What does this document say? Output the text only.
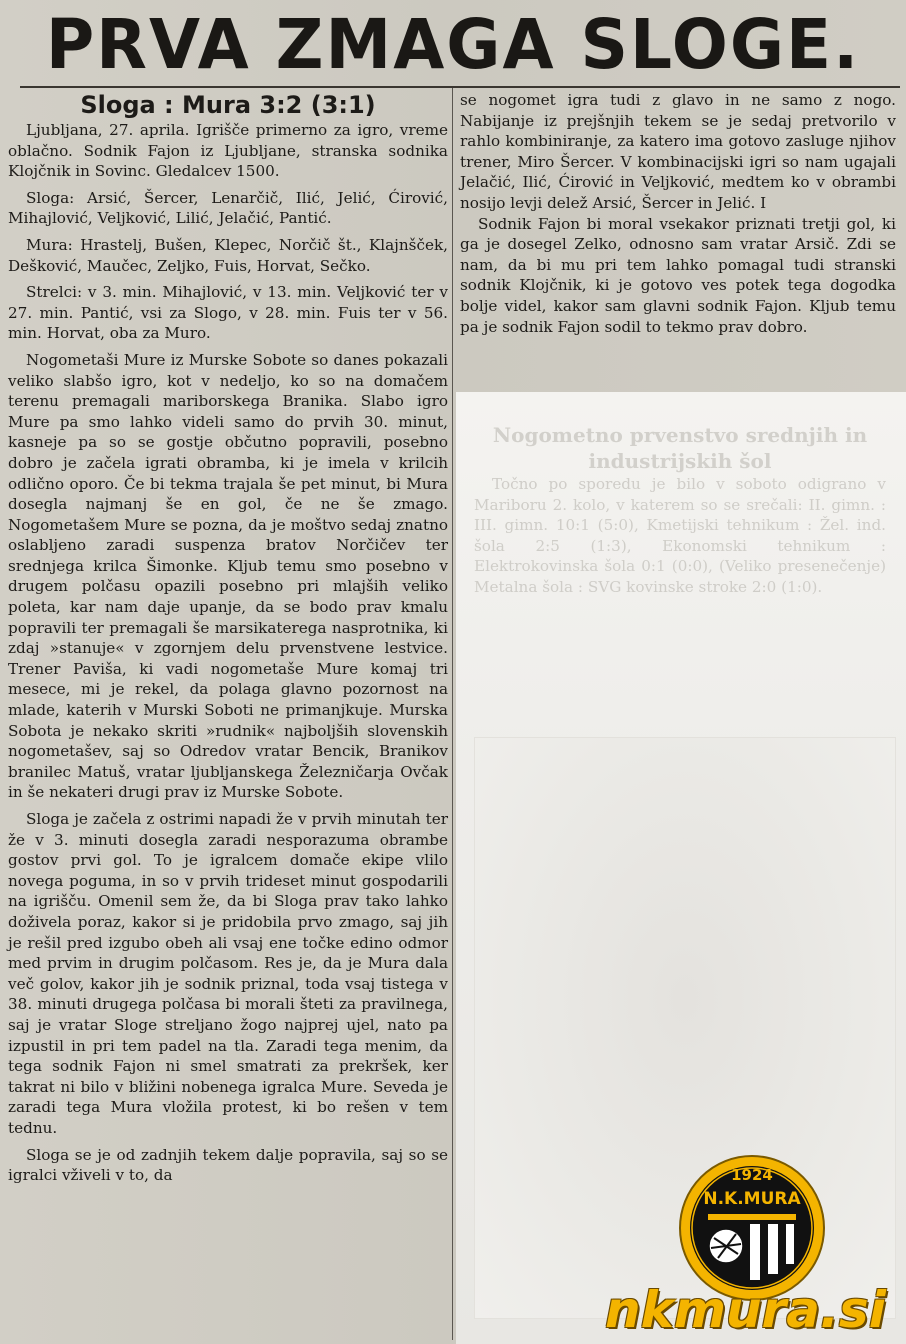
PRVA ZMAGA SLOGE.

Sloga : Mura 3:2 (3:1)

Ljubljana, 27. aprila. Igrišče primerno za igro, vreme oblačno. Sodnik Fajon iz Ljubljane, stranska sodnika Klojčnik in Sovinc. Gledalcev 1500.

Sloga: Arsić, Šercer, Lenarčič, Ilić, Jelić, Ćirović, Mihajlović, Veljković, Lilić, Jelačić, Pantić.

Mura: Hrastelj, Bušen, Klepec, Norčič št., Klajnšček, Dešković, Maučec, Zeljko, Fuis, Horvat, Sečko.

Strelci: v 3. min. Mihajlović, v 13. min. Veljković ter v 27. min. Pantić, vsi za Slogo, v 28. min. Fuis ter v 56. min. Horvat, oba za Muro.

Nogometaši Mure iz Murske Sobote so danes pokazali veliko slabšo igro, kot v nedeljo, ko so na domačem terenu premagali mariborskega Branika. Slabo igro Mure pa smo lahko videli samo do prvih 30. minut, kasneje pa so se gostje občutno popravili, posebno dobro je začela igrati obramba, ki je imela v krilcih odlično oporo. Če bi tekma trajala še pet minut, bi Mura dosegla najmanj še en gol, če ne še zmago. Nogometašem Mure se pozna, da je moštvo sedaj znatno oslabljeno zaradi suspenza bratov Norčičev ter srednjega krilca Šimonke. Kljub temu smo posebno v drugem polčasu opazili posebno pri mlajših veliko poleta, kar nam daje upanje, da se bodo prav kmalu popravili ter premagali še marsikaterega nasprotnika, ki zdaj »stanuje« v zgornjem delu prvenstvene lestvice. Trener Paviša, ki vadi nogometaše Mure komaj tri mesece, mi je rekel, da polaga glavno pozornost na mlade, katerih v Murski Soboti ne primanjkuje. Murska Sobota je nekako skriti »rudnik« najboljših slovenskih nogometašev, saj so Odredov vratar Bencik, Branikov branilec Matuš, vratar ljubljanskega Železničarja Ovčak in še nekateri drugi prav iz Murske Sobote.

Sloga je začela z ostrimi napadi že v prvih minutah ter že v 3. minuti dosegla zaradi nesporazuma obrambe gostov prvi gol. To je igralcem domače ekipe vlilo novega poguma, in so v prvih trideset minut gospodarili na igrišču. Omenil sem že, da bi Sloga prav tako lahko doživela poraz, kakor si je pridobila prvo zmago, saj jih je rešil pred izgubo obeh ali vsaj ene točke edino odmor med prvim in drugim polčasom. Res je, da je Mura dala več golov, kakor jih je sodnik priznal, toda vsaj tistega v 38. minuti drugega polčasa bi morali šteti za pravilnega, saj je vratar Sloge streljano žogo najprej ujel, nato pa izpustil in pri tem padel na tla. Zaradi tega menim, da tega sodnik Fajon ni smel smatrati za prekršek, ker takrat ni bilo v bližini nobenega igralca Mure. Seveda je zaradi tega Mura vložila protest, ki bo rešen v tem tednu.

Sloga se je od zadnjih tekem dalje popravila, saj so se igralci vživeli v to, da

se nogomet igra tudi z glavo in ne samo z nogo. Nabijanje iz prejšnjih tekem se je sedaj pretvorilo v rahlo kombiniranje, za katero ima gotovo zasluge njihov trener, Miro Šercer. V kombinacijski igri so nam ugajali Jelačić, Ilić, Ćirović in Veljković, medtem ko v obrambi nosijo levji delež Arsić, Šercer in Jelić. I

Sodnik Fajon bi moral vsekakor priznati tretji gol, ki ga je dosegel Zelko, odnosno sam vratar Arsič. Zdi se nam, da bi mu pri tem lahko pomagal tudi stranski sodnik Klojčnik, ki je gotovo ves potek tega dogodka bolje videl, kakor sam glavni sodnik Fajon. Kljub temu pa je sodnik Fajon sodil to tekmo prav dobro.

Nogometno prvenstvo srednjih in industrijskih šol

Točno po sporedu je bilo v soboto odigrano v Mariboru 2. kolo, v katerem so se srečali: II. gimn. : III. gimn. 10:1 (5:0), Kmetijski tehnikum : Žel. ind. šola 2:5 (1:3), Ekonomski tehnikum : Elektrokovinska šola 0:1 (0:0), (Veliko presenečenje) Metalna šola : SVG kovinske stroke 2:0 (1:0).

1924
N.K.MURA
nkmura.si
